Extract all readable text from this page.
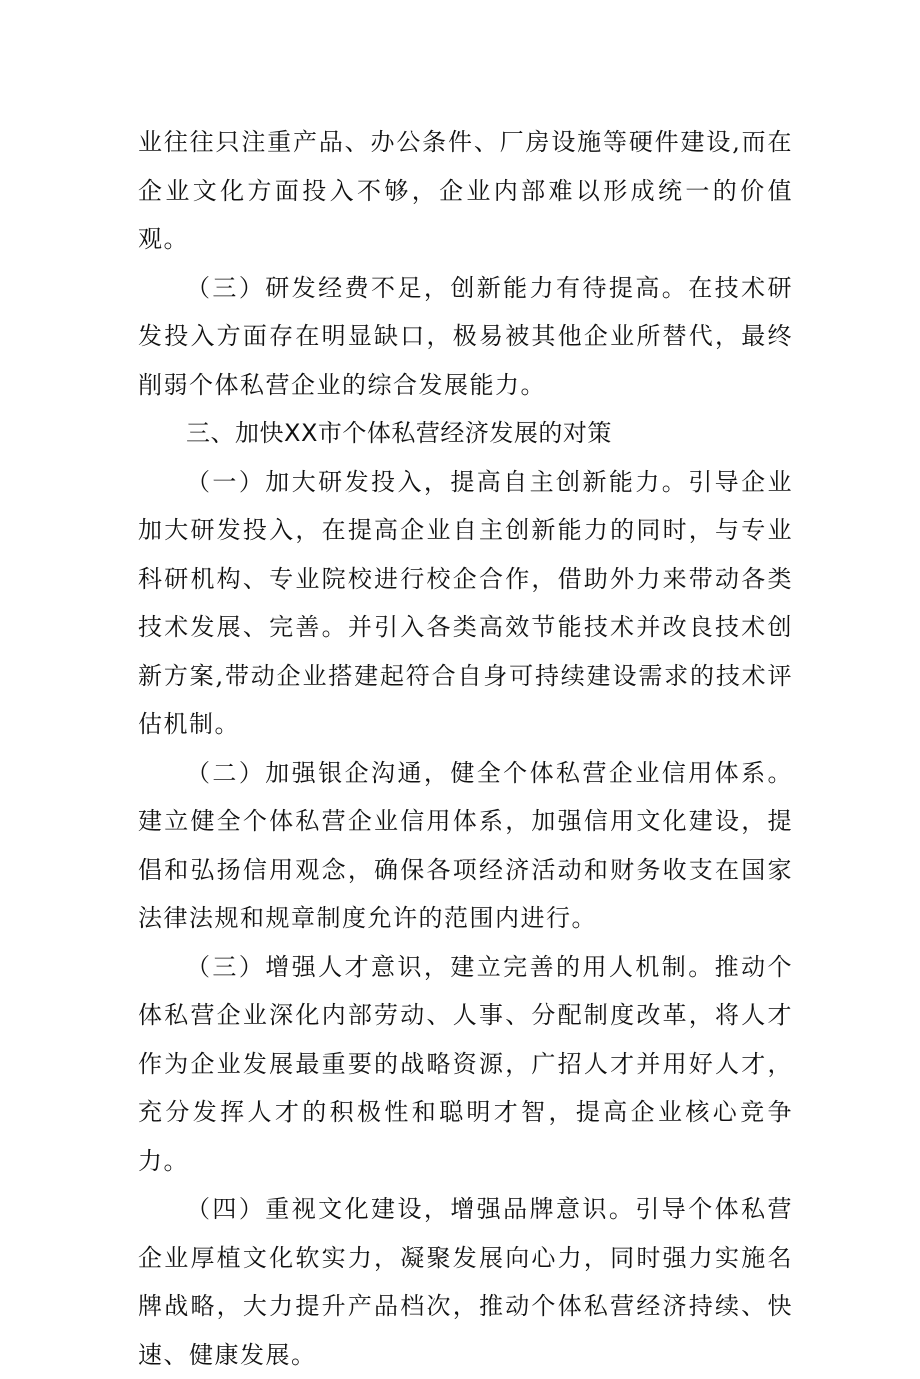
业往往只注重产品、办公条件、厂房设施等硬件建设,而在企业文化方面投入不够，企业内部难以形成统一的价值观。

（三）研发经费不足，创新能力有待提高。在技术研发投入方面存在明显缺口，极易被其他企业所替代，最终削弱个体私营企业的综合发展能力。

三、加快XX市个体私营经济发展的对策

（一）加大研发投入，提高自主创新能力。引导企业加大研发投入，在提高企业自主创新能力的同时，与专业科研机构、专业院校进行校企合作，借助外力来带动各类技术发展、完善。并引入各类高效节能技术并改良技术创新方案,带动企业搭建起符合自身可持续建设需求的技术评估机制。

（二）加强银企沟通，健全个体私营企业信用体系。建立健全个体私营企业信用体系，加强信用文化建设，提倡和弘扬信用观念，确保各项经济活动和财务收支在国家法律法规和规章制度允许的范围内进行。

（三）增强人才意识，建立完善的用人机制。推动个体私营企业深化内部劳动、人事、分配制度改革，将人才作为企业发展最重要的战略资源，广招人才并用好人才，充分发挥人才的积极性和聪明才智，提高企业核心竞争力。

（四）重视文化建设，增强品牌意识。引导个体私营企业厚植文化软实力，凝聚发展向心力，同时强力实施名牌战略，大力提升产品档次，推动个体私营经济持续、快速、健康发展。
